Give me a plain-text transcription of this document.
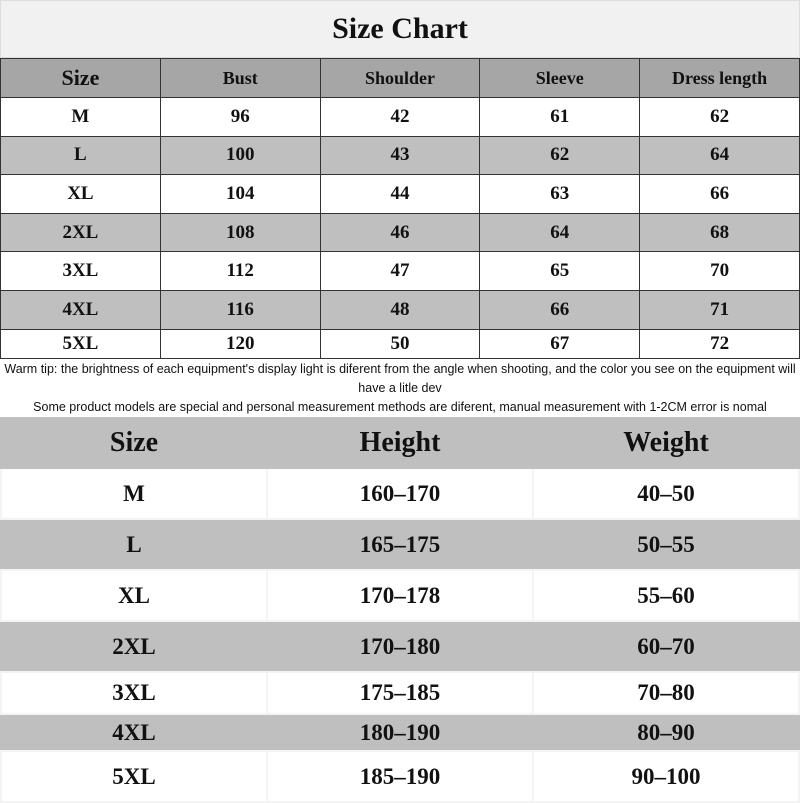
Size Chart
Size	Bust	Shoulder	Sleeve	Dress length
M	96	42	61	62
L	100	43	62	64
XL	104	44	63	66
2XL	108	46	64	68
3XL	112	47	65	70
4XL	116	48	66	71
5XL	120	50	67	72
Warm tip: the brightness of each equipment's display light is diferent from the angle when shooting, and the color you see on the equipment will have a litle dev
Some product models are special and personal measurement methods are diferent, manual measurement with 1-2CM error is nomal
Size	Height	Weight
M	160–170	40–50
L	165–175	50–55
XL	170–178	55–60
2XL	170–180	60–70
3XL	175–185	70–80
4XL	180–190	80–90
5XL	185–190	90–100
